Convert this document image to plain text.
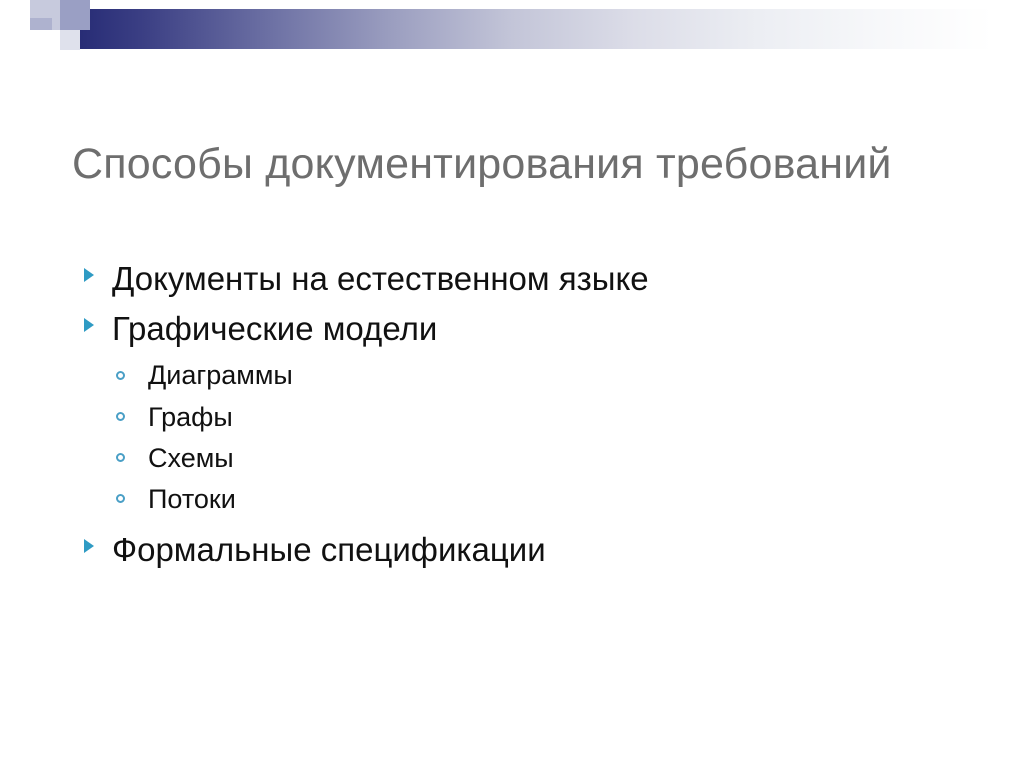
Способы документирования требований
Документы на естественном языке
Графические модели
Диаграммы
Графы
Схемы
Потоки
Формальные спецификации
